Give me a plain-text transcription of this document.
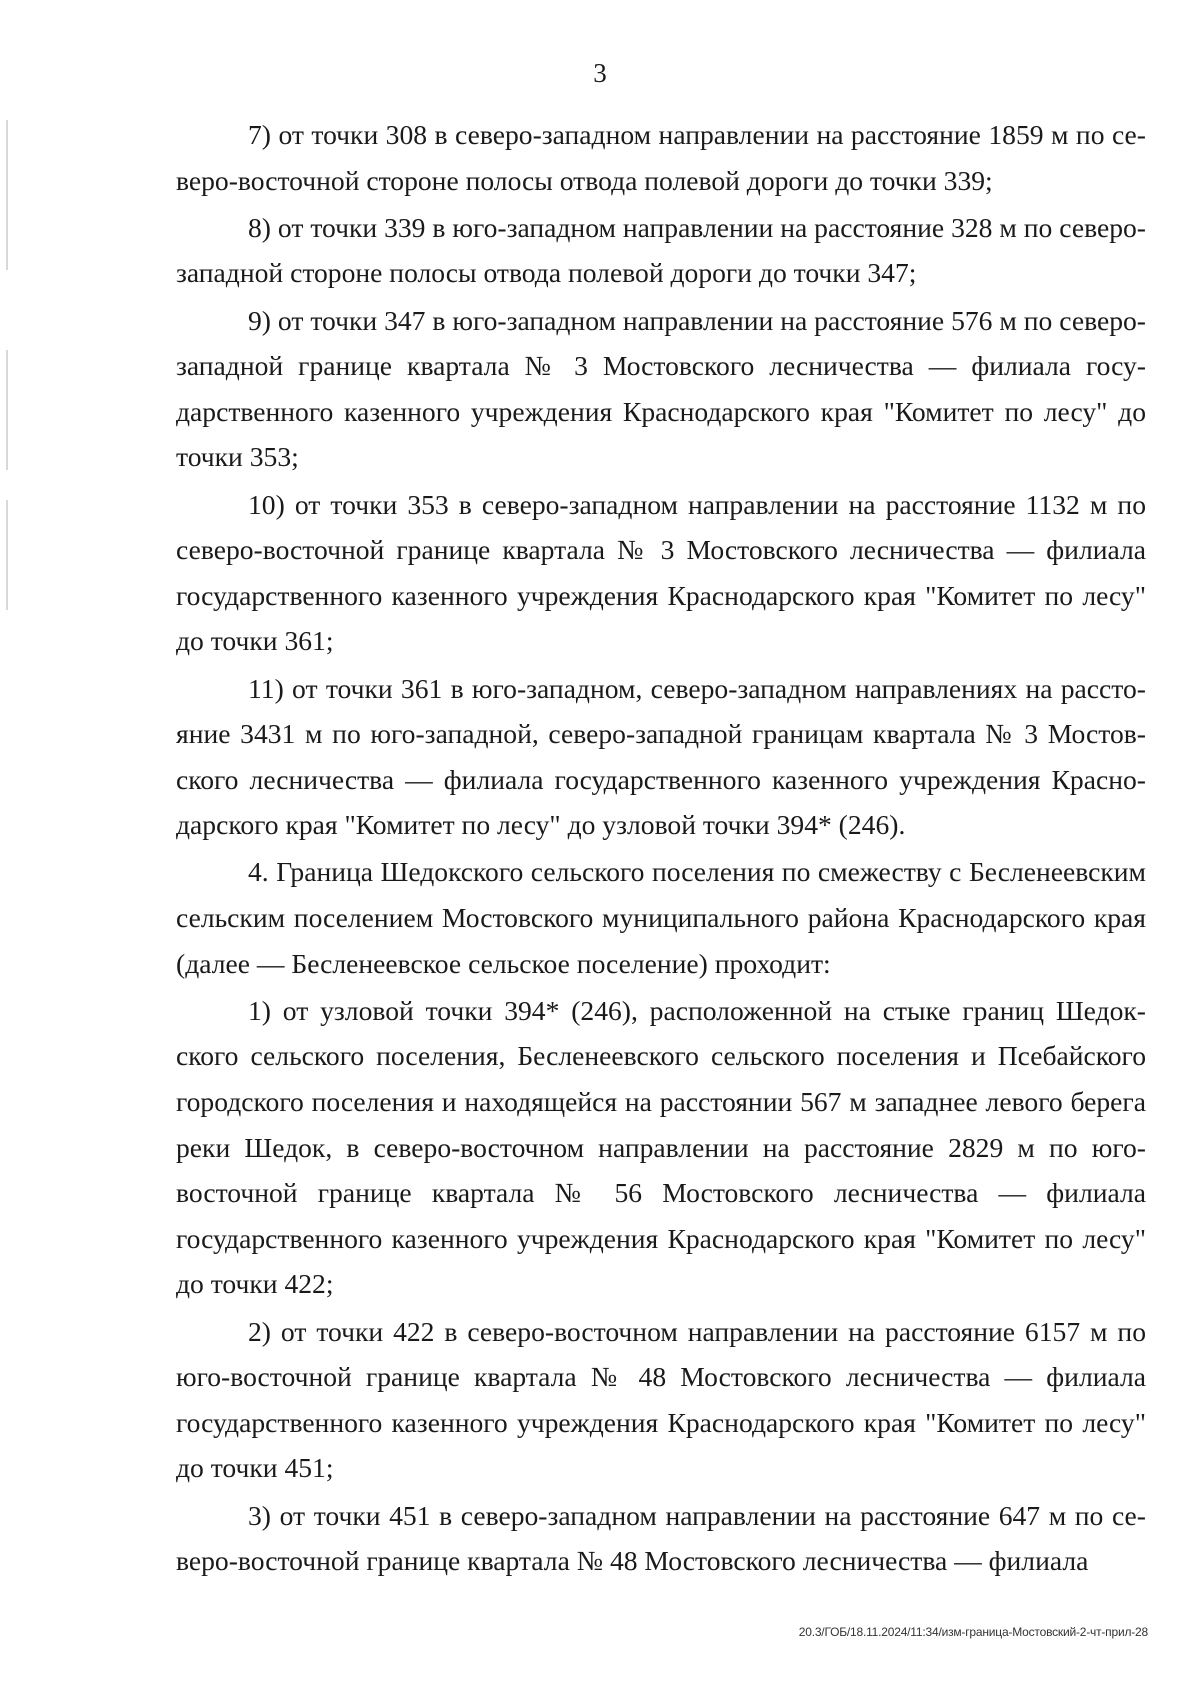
3

7) от точки 308 в северо-западном направлении на расстояние 1859 м по северо-восточной стороне полосы отвода полевой дороги до точки 339;

8) от точки 339 в юго-западном направлении на расстояние 328 м по северо-западной стороне полосы отвода полевой дороги до точки 347;

9) от точки 347 в юго-западном направлении на расстояние 576 м по северо-западной границе квартала № 3 Мостовского лесничества — филиала государственного казенного учреждения Краснодарского края "Комитет по лесу" до точки 353;

10) от точки 353 в северо-западном направлении на расстояние 1132 м по северо-восточной границе квартала № 3 Мостовского лесничества — филиала государственного казенного учреждения Краснодарского края "Комитет по лесу" до точки 361;

11) от точки 361 в юго-западном, северо-западном направлениях на расстояние 3431 м по юго-западной, северо-западной границам квартала № 3 Мостовского лесничества — филиала государственного казенного учреждения Краснодарского края "Комитет по лесу" до узловой точки 394* (246).

4. Граница Шедокского сельского поселения по смежеству с Бесленеевским сельским поселением Мостовского муниципального района Краснодарского края (далее — Бесленеевское сельское поселение) проходит:

1) от узловой точки 394* (246), расположенной на стыке границ Шедокского сельского поселения, Бесленеевского сельского поселения и Псебайского городского поселения и находящейся на расстоянии 567 м западнее левого берега реки Шедок, в северо-восточном направлении на расстояние 2829 м по юго-восточной границе квартала № 56 Мостовского лесничества — филиала государственного казенного учреждения Краснодарского края "Комитет по лесу" до точки 422;

2) от точки 422 в северо-восточном направлении на расстояние 6157 м по юго-восточной границе квартала № 48 Мостовского лесничества — филиала государственного казенного учреждения Краснодарского края "Комитет по лесу" до точки 451;

3) от точки 451 в северо-западном направлении на расстояние 647 м по северо-восточной границе квартала № 48 Мостовского лесничества — филиала

20.3/ГОБ/18.11.2024/11:34/изм-граница-Мостовский-2-чт-прил-28
